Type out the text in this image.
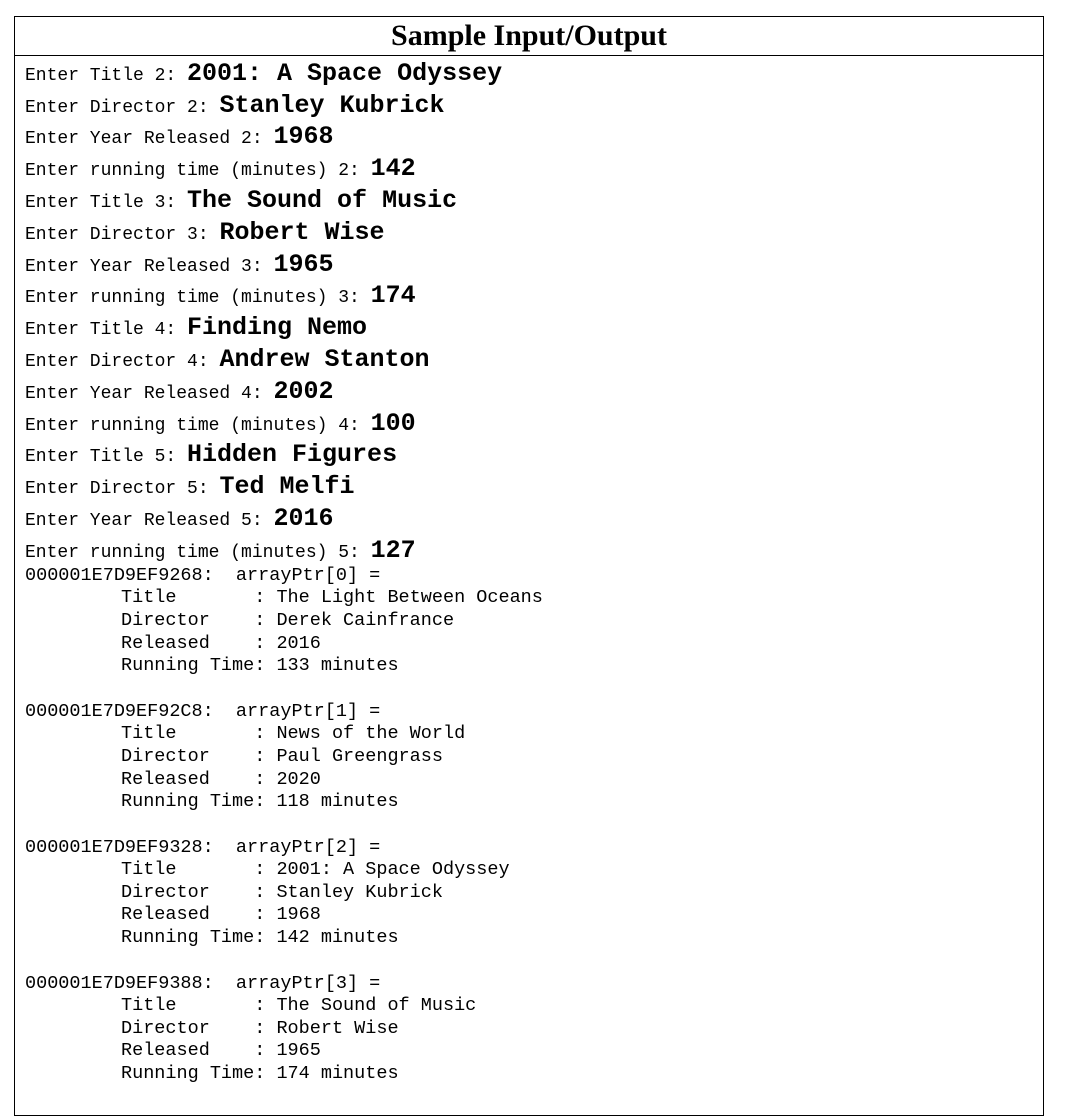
Sample Input/Output
Enter Title 2: 2001: A Space Odyssey
Enter Director 2: Stanley Kubrick
Enter Year Released 2: 1968
Enter running time (minutes) 2: 142
Enter Title 3: The Sound of Music
Enter Director 3: Robert Wise
Enter Year Released 3: 1965
Enter running time (minutes) 3: 174
Enter Title 4: Finding Nemo
Enter Director 4: Andrew Stanton
Enter Year Released 4: 2002
Enter running time (minutes) 4: 100
Enter Title 5: Hidden Figures
Enter Director 5: Ted Melfi
Enter Year Released 5: 2016
Enter running time (minutes) 5: 127
000001E7D9EF9268:  arrayPtr[0] =
Title       : The Light Between Oceans
Director    : Derek Cainfrance
Released    : 2016
Running Time: 133 minutes
000001E7D9EF92C8:  arrayPtr[1] =
Title       : News of the World
Director    : Paul Greengrass
Released    : 2020
Running Time: 118 minutes
000001E7D9EF9328:  arrayPtr[2] =
Title       : 2001: A Space Odyssey
Director    : Stanley Kubrick
Released    : 1968
Running Time: 142 minutes
000001E7D9EF9388:  arrayPtr[3] =
Title       : The Sound of Music
Director    : Robert Wise
Released    : 1965
Running Time: 174 minutes
